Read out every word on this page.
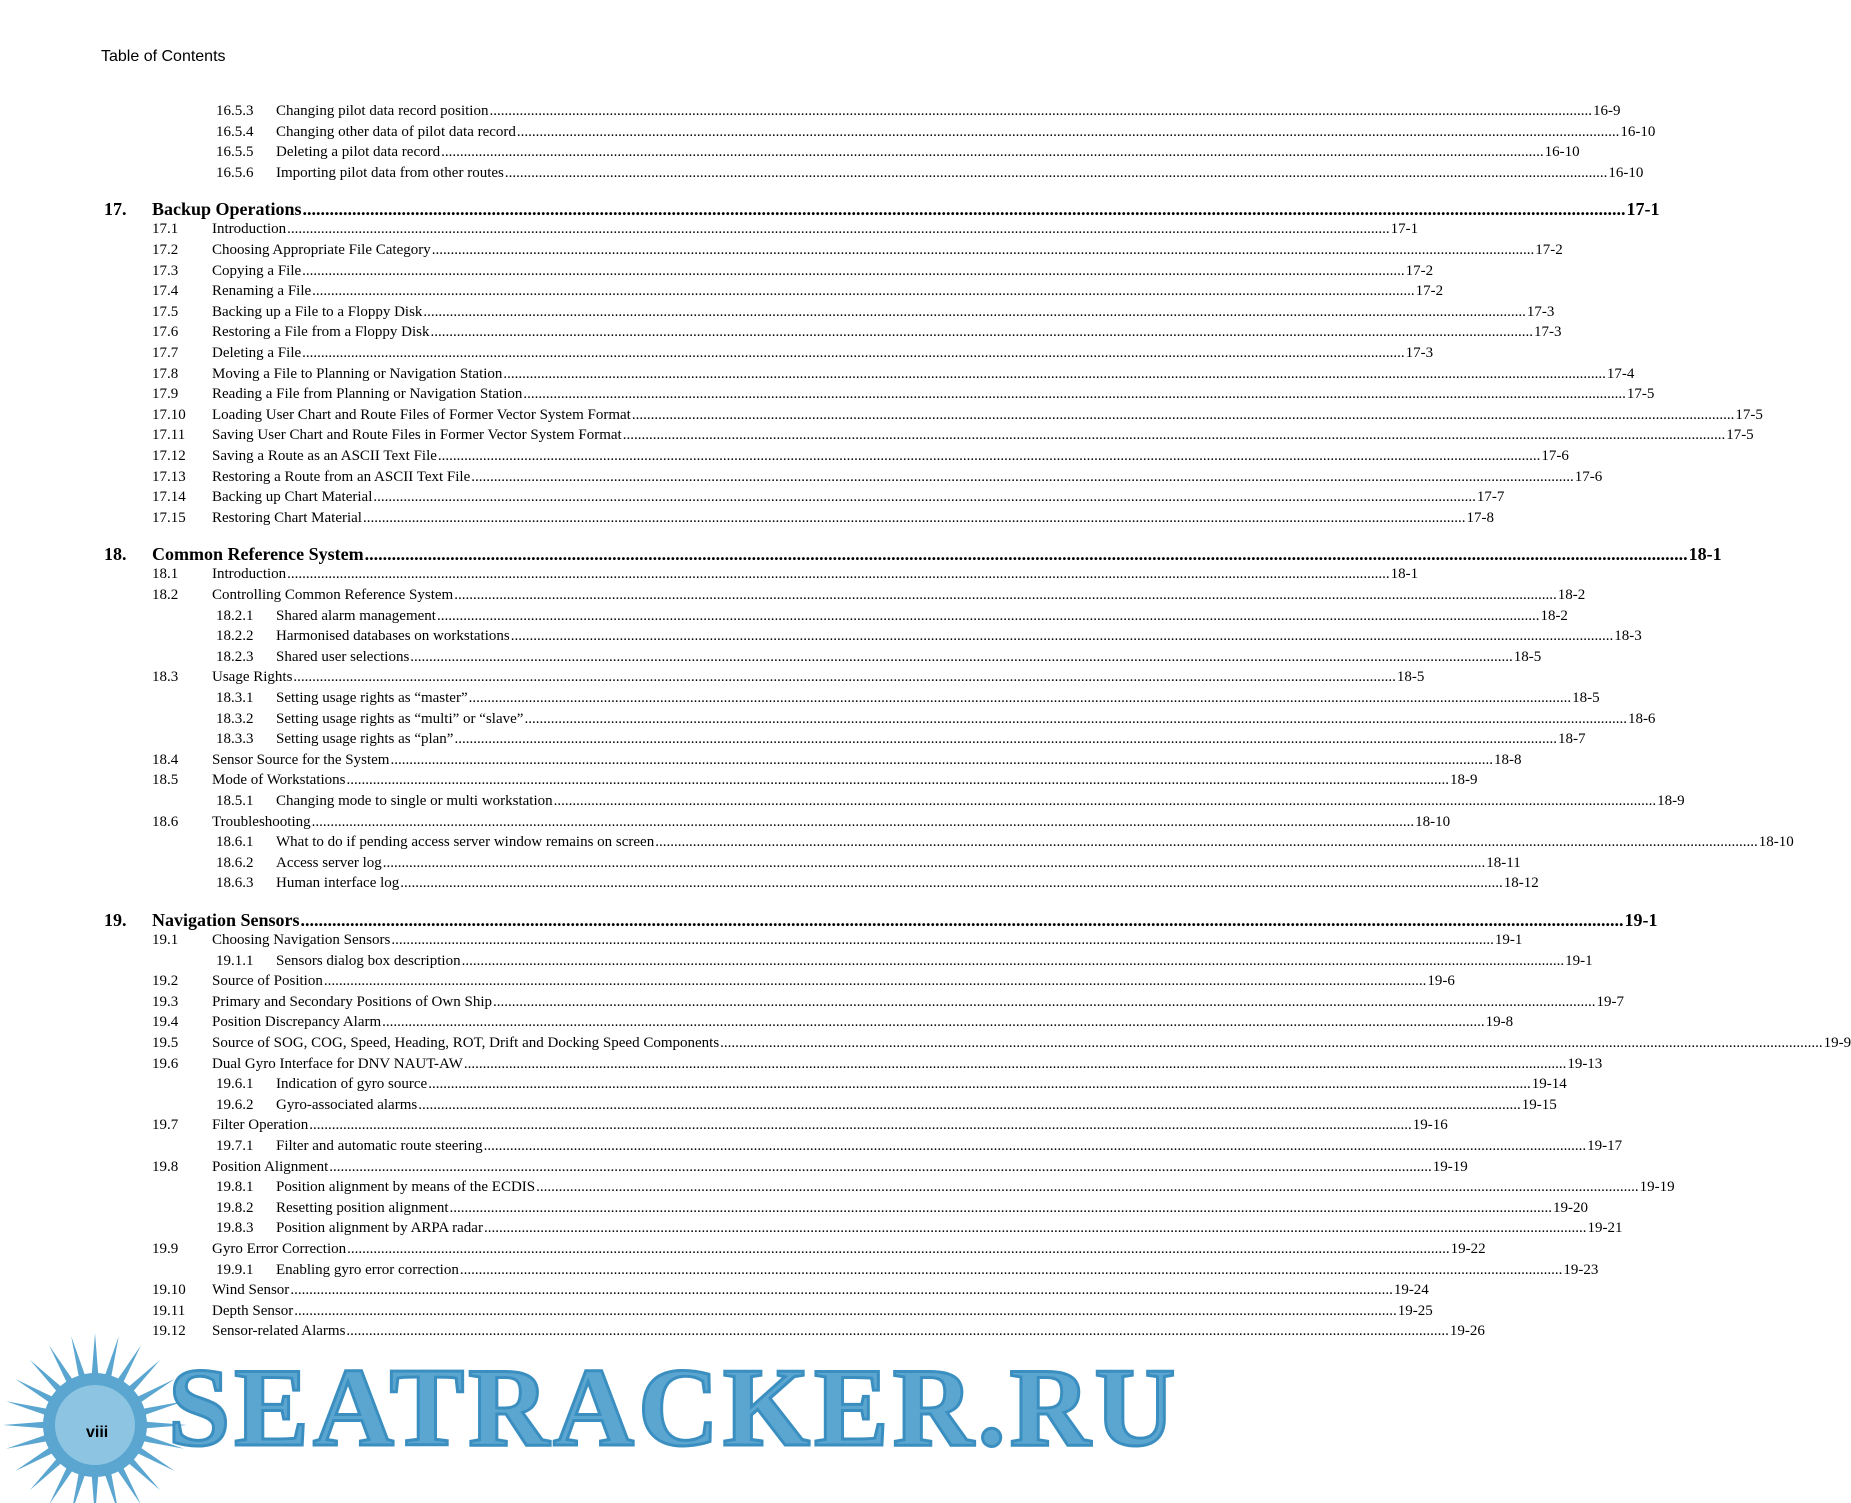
Table of Contents
16.5.3	Changing pilot data record position .....	16-9
16.5.4	Changing other data of pilot data record .....	16-10
16.5.5	Deleting a pilot data record .....	16-10
16.5.6	Importing pilot data from other routes .....	16-10
17.	Backup Operations .....	17-1
17.1	Introduction .....	17-1
17.2	Choosing Appropriate File Category .....	17-2
17.3	Copying a File .....	17-2
17.4	Renaming a File .....	17-2
17.5	Backing up a File to a Floppy Disk .....	17-3
17.6	Restoring a File from a Floppy Disk .....	17-3
17.7	Deleting a File .....	17-3
17.8	Moving a File to Planning or Navigation Station .....	17-4
17.9	Reading a File from Planning or Navigation Station .....	17-5
17.10	Loading User Chart and Route Files of Former Vector System Format .....	17-5
17.11	Saving User Chart and Route Files in Former Vector System Format .....	17-5
17.12	Saving a Route as an ASCII Text File .....	17-6
17.13	Restoring a Route from an ASCII Text File .....	17-6
17.14	Backing up Chart Material .....	17-7
17.15	Restoring Chart Material .....	17-8
18.	Common Reference System .....	18-1
18.1	Introduction .....	18-1
18.2	Controlling Common Reference System .....	18-2
18.2.1	Shared alarm management .....	18-2
18.2.2	Harmonised databases on workstations .....	18-3
18.2.3	Shared user selections .....	18-5
18.3	Usage Rights .....	18-5
18.3.1	Setting usage rights as “master” .....	18-5
18.3.2	Setting usage rights as “multi” or “slave” .....	18-6
18.3.3	Setting usage rights as “plan” .....	18-7
18.4	Sensor Source for the System .....	18-8
18.5	Mode of Workstations .....	18-9
18.5.1	Changing mode to single or multi workstation .....	18-9
18.6	Troubleshooting .....	18-10
18.6.1	What to do if pending access server window remains on screen .....	18-10
18.6.2	Access server log .....	18-11
18.6.3	Human interface log .....	18-12
19.	Navigation Sensors .....	19-1
19.1	Choosing Navigation Sensors .....	19-1
19.1.1	Sensors dialog box description .....	19-1
19.2	Source of Position .....	19-6
19.3	Primary and Secondary Positions of Own Ship .....	19-7
19.4	Position Discrepancy Alarm .....	19-8
19.5	Source of SOG, COG, Speed, Heading, ROT, Drift and Docking Speed Components .....	19-9
19.6	Dual Gyro Interface for DNV NAUT-AW .....	19-13
19.6.1	Indication of gyro source .....	19-14
19.6.2	Gyro-associated alarms .....	19-15
19.7	Filter Operation .....	19-16
19.7.1	Filter and automatic route steering .....	19-17
19.8	Position Alignment .....	19-19
19.8.1	Position alignment by means of the ECDIS .....	19-19
19.8.2	Resetting position alignment .....	19-20
19.8.3	Position alignment by ARPA radar .....	19-21
19.9	Gyro Error Correction .....	19-22
19.9.1	Enabling gyro error correction .....	19-23
19.10	Wind Sensor .....	19-24
19.11	Depth Sensor .....	19-25
19.12	Sensor-related Alarms .....	19-26
SEATRACKER.RU
viii
